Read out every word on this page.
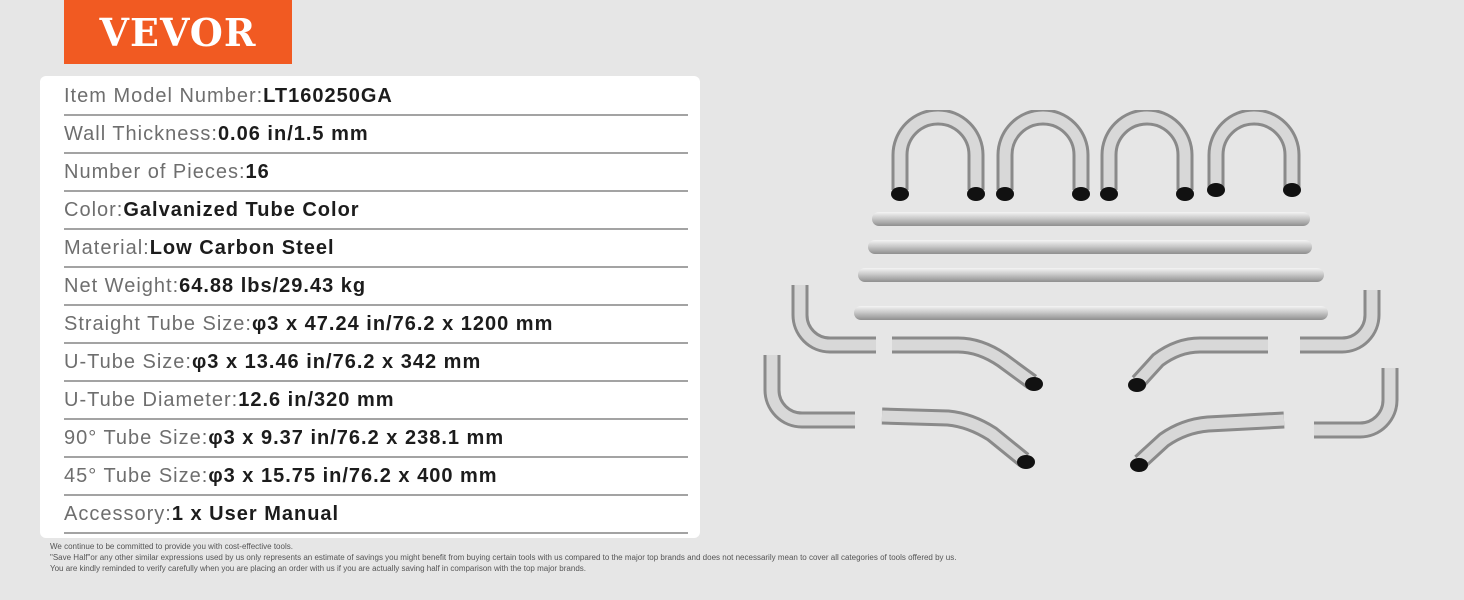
VEVOR
Item Model Number: LT160250GA
Wall Thickness: 0.06 in/1.5 mm
Number of Pieces: 16
Color: Galvanized Tube Color
Material: Low Carbon Steel
Net Weight: 64.88 lbs/29.43 kg
Straight Tube Size: φ3 x 47.24 in/76.2 x 1200 mm
U-Tube Size: φ3 x 13.46 in/76.2 x 342 mm
U-Tube Diameter: 12.6 in/320 mm
90° Tube Size: φ3 x 9.37 in/76.2 x 238.1 mm
45° Tube Size: φ3 x 15.75 in/76.2 x 400 mm
Accessory: 1 x User Manual
We continue to be committed to provide you with cost-effective tools.
"Save Half"or any other similar expressions used by us only represents an estimate of savings you might benefit from buying certain tools with us compared to the major top brands and does not necessarily mean to cover all categories of tools offered by us.
You are kindly reminded to verify carefully when you are placing an order with us if you are actually saving half in comparison with the top major brands.
